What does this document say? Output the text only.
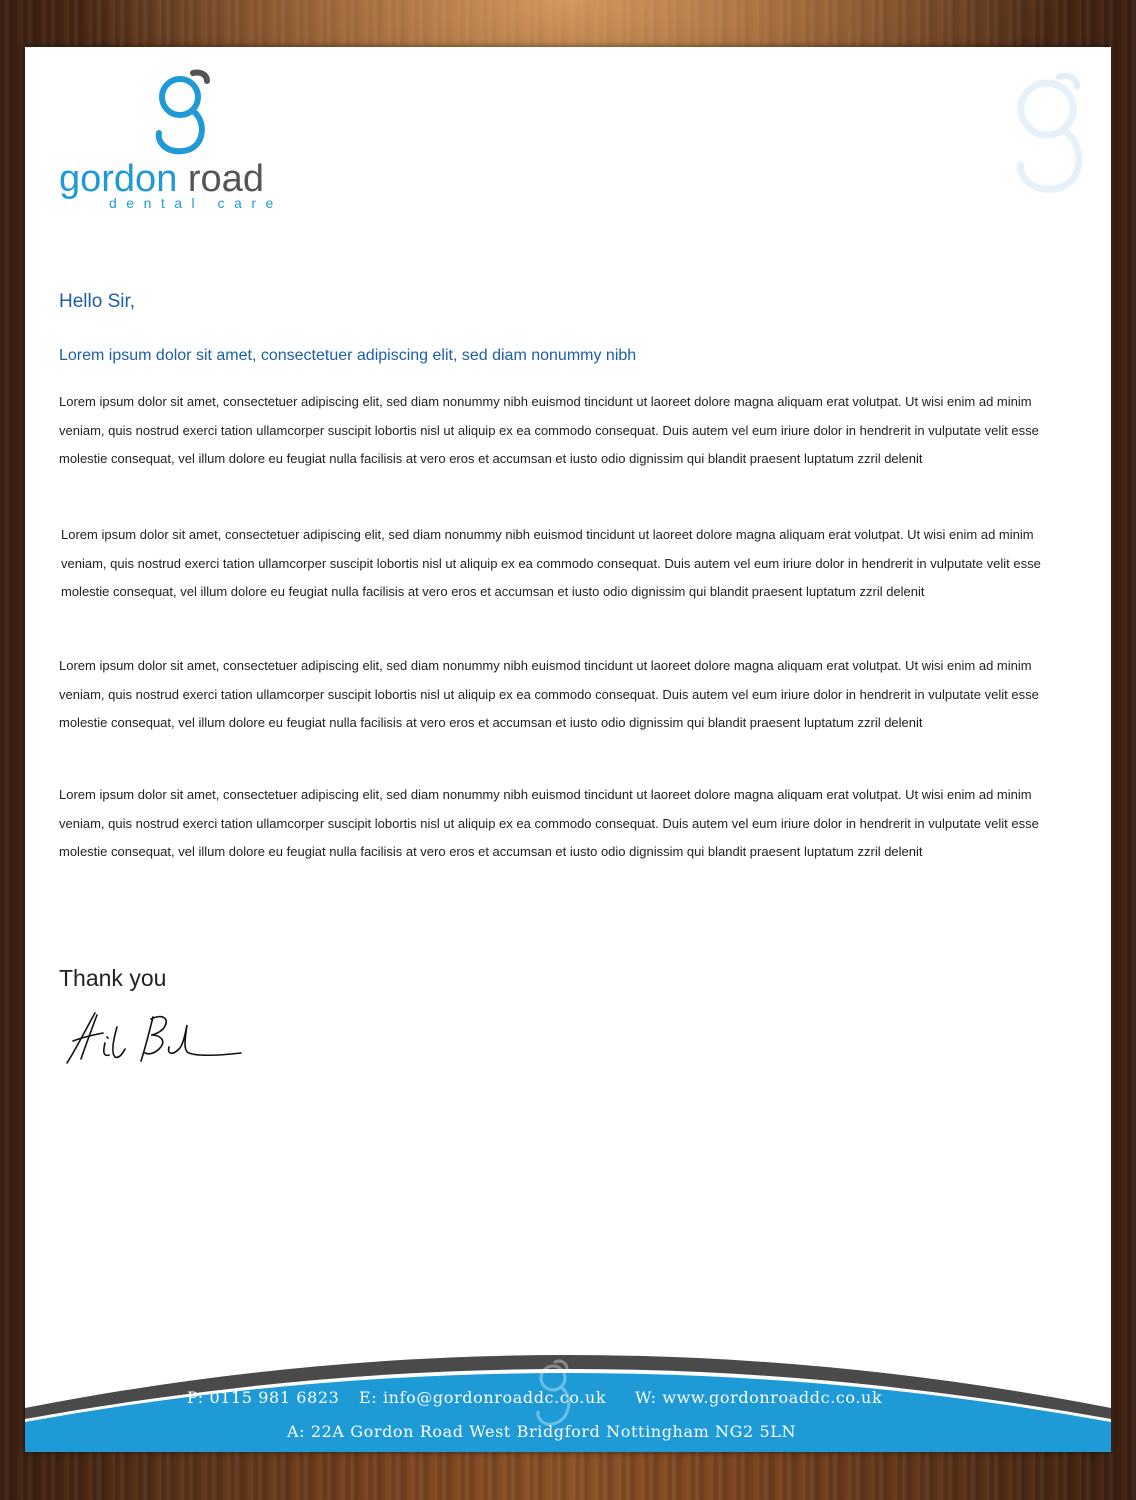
gordon road
dental care
Hello Sir,
Lorem ipsum dolor sit amet, consectetuer adipiscing elit, sed diam nonummy nibh
Lorem ipsum dolor sit amet, consectetuer adipiscing elit, sed diam nonummy nibh euismod tincidunt ut laoreet dolore magna aliquam erat volutpat. Ut wisi enim ad minim veniam, quis nostrud exerci tation ullamcorper suscipit lobortis nisl ut aliquip ex ea commodo consequat. Duis autem vel eum iriure dolor in hendrerit in vulputate velit esse molestie consequat, vel illum dolore eu feugiat nulla facilisis at vero eros et accumsan et iusto odio dignissim qui blandit praesent luptatum zzril delenit
Lorem ipsum dolor sit amet, consectetuer adipiscing elit, sed diam nonummy nibh euismod tincidunt ut laoreet dolore magna aliquam erat volutpat. Ut wisi enim ad minim veniam, quis nostrud exerci tation ullamcorper suscipit lobortis nisl ut aliquip ex ea commodo consequat. Duis autem vel eum iriure dolor in hendrerit in vulputate velit esse molestie consequat, vel illum dolore eu feugiat nulla facilisis at vero eros et accumsan et iusto odio dignissim qui blandit praesent luptatum zzril delenit
Lorem ipsum dolor sit amet, consectetuer adipiscing elit, sed diam nonummy nibh euismod tincidunt ut laoreet dolore magna aliquam erat volutpat. Ut wisi enim ad minim veniam, quis nostrud exerci tation ullamcorper suscipit lobortis nisl ut aliquip ex ea commodo consequat. Duis autem vel eum iriure dolor in hendrerit in vulputate velit esse molestie consequat, vel illum dolore eu feugiat nulla facilisis at vero eros et accumsan et iusto odio dignissim qui blandit praesent luptatum zzril delenit
Lorem ipsum dolor sit amet, consectetuer adipiscing elit, sed diam nonummy nibh euismod tincidunt ut laoreet dolore magna aliquam erat volutpat. Ut wisi enim ad minim veniam, quis nostrud exerci tation ullamcorper suscipit lobortis nisl ut aliquip ex ea commodo consequat. Duis autem vel eum iriure dolor in hendrerit in vulputate velit esse molestie consequat, vel illum dolore eu feugiat nulla facilisis at vero eros et accumsan et iusto odio dignissim qui blandit praesent luptatum zzril delenit
Thank you
P: 0115 981 6823 E: info@gordonroaddc.co.uk W: www.gordonroaddc.co.uk
A: 22A Gordon Road West Bridgford Nottingham NG2 5LN
